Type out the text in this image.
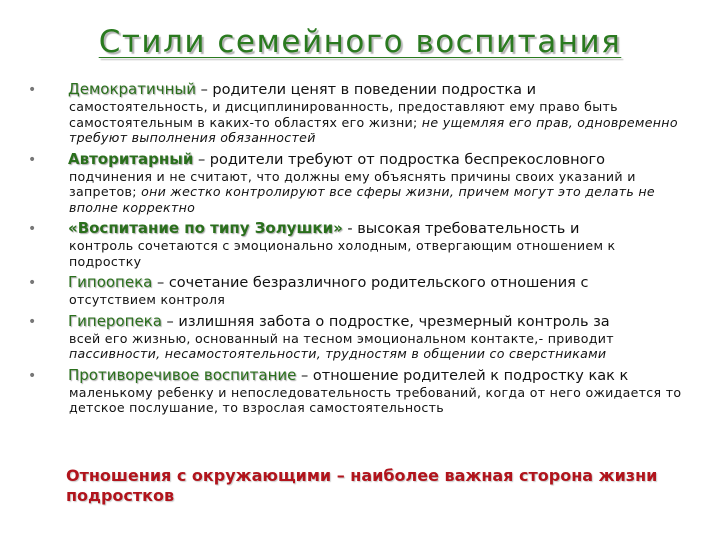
Стили семейного воспитания
• Демократичный – родители ценят в поведении подростка и
самостоятельность, и дисциплинированность, предоставляют ему право быть самостоятельным в каких-то областях его жизни; не ущемляя его прав, одновременно требуют выполнения обязанностей
• Авторитарный – родители требуют от подростка беспрекословного
подчинения и не считают, что должны ему объяснять причины своих указаний и запретов; они жестко контролируют все сферы жизни, причем могут это делать не вполне корректно
• «Воспитание по типу Золушки» - высокая требовательность и
контроль сочетаются с эмоционально холодным, отвергающим отношением к подростку
• Гипоопека – сочетание безразличного родительского отношения с
отсутствием контроля
• Гиперопека – излишняя забота о подростке, чрезмерный контроль за
всей его жизнью, основанный на тесном эмоциональном контакте,- приводит пассивности, несамостоятельности, трудностям в общении со сверстниками
• Противоречивое воспитание – отношение родителей к подростку как к
маленькому ребенку и непоследовательность требований, когда от него ожидается то детское послушание, то взрослая самостоятельность
Отношения с окружающими – наиболее важная сторона жизни подростков
